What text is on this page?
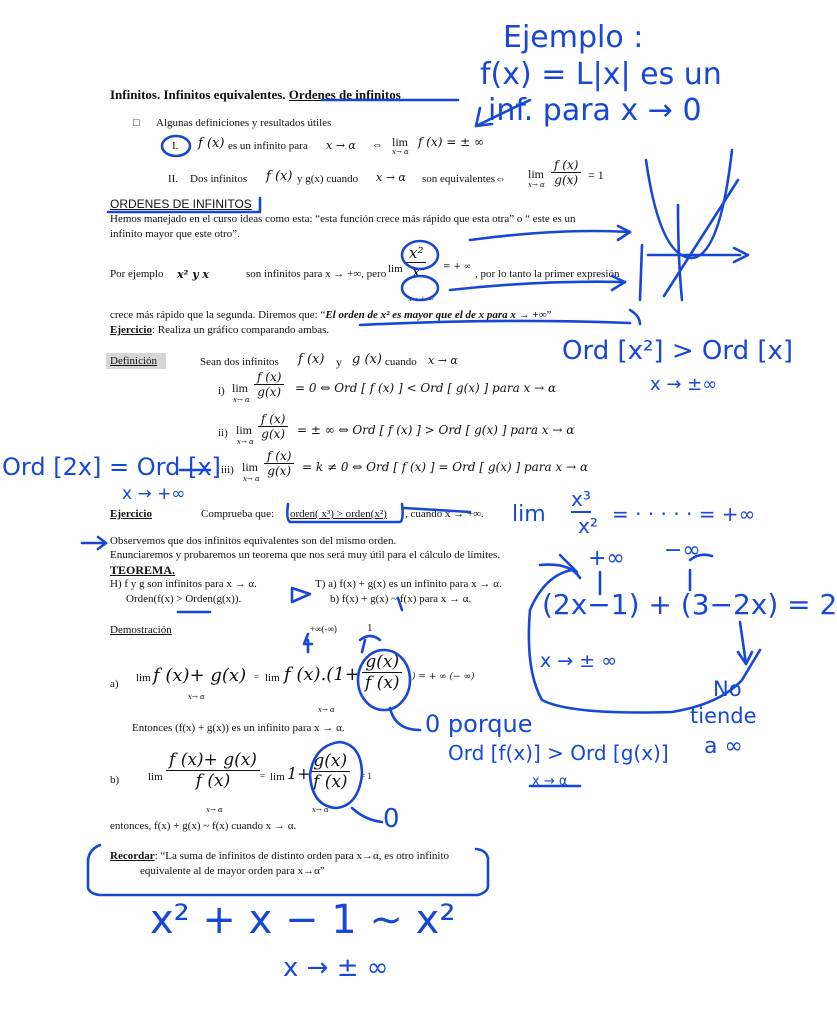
Infinitos. Infinitos equivalentes. Ordenes de infinitos
□ Algunas definiciones y resultados útiles
I. f (x) es un infinito para x → α ⇔ lim
x→ α
f (x) = ± ∞
II. Dos infinitos f (x) y g(x) cuando x → α son equivalentes⇔ lim
x→ α $\frac{f (x)}{g(x)} = 1$
ORDENES DE INFINITOS
Hemos manejado en el curso ideas como esta: “esta función crece más rápido que esta otra” o “ este es un
infinito mayor que este otro”.
Por ejemplo x² y x	son infinitos para x → +∞, pero $\lim \frac{\text{x²}}{x}$
x→ + ∞
= + ∞
, por lo tanto la primer expresión
crece más rápido que la segunda. Diremos que: “El orden de x² es mayor que el de x para x → +∞”
Ejercicio: Realiza un gráfico comparando ambas.
Definición	Sean dos infinitos f (x) y g (x) cuando x → α
i) lim
x→ α
$\frac{f (x)}{g(x)} = 0$ ⇔ Ord [ f (x) ] < Ord [ g(x) ] para x → α
ii) lim
x→ α
$\frac{f (x)}{g(x)}$ = ± ∞ ⇔ Ord [ f (x) ] > Ord [ g(x) ] para x → α
iii) lim
x→ α
$\frac{f (x)}{g(x)} = k \ne 0$ ⇔ Ord [ f (x) ] = Ord [ g(x) ] para x → α
Ejercicio	Comprueba que: orden( x³) > orden(x²) , cuando x → +∞.
Observemos que dos infinitos equivalentes son del mismo orden.
Enunciaremos y probaremos un teorema que nos será muy útil para el cálculo de límites.
TEOREMA.
H) f y g son infinitos para x → α.
Orden(f(x) > Orden(g(x)).
T) a) f(x) + g(x) es un infinito para x → α.
b) f(x) + g(x) ~ f(x) para x → α.
Demostración	+∞(-∞)	1
a) lim f (x)+ g(x) = lim f $(x).(1+ \frac{g(x)}{f (x)}$ ) = + ∞ (− ∞)
x→ α
x→ α
Entonces (f(x) + g(x)) es un infinito para x → α.
b)	$\lim \frac{f (x)+ g(x)}{f (x)}$
x→ α
= $\lim 1+ \frac{g(x)}{f (x)}$
x→ α
= 1
entonces, f(x) + g(x) ~ f(x) cuando x → α.
Recordar: “La suma de infinitos de distinto orden para x→α, es otro infinito
equivalente al de mayor orden para x→α”
Ejemplo :
f(x) = L|x| es un
inf. para x → 0
Ord [x²] > Ord [x]
x → ±∞
Ord [2x] = Ord [x]
x → +∞
lim
x³
x² = · · · · · = +∞
+∞ −∞
(2x−1) + (3−2x) = 2
x → ± ∞
No
tiende
a ∞
0 porque
Ord [f(x)] > Ord [g(x)]
x → α
0
x² + x − 1 ∼ x²
x → ± ∞
